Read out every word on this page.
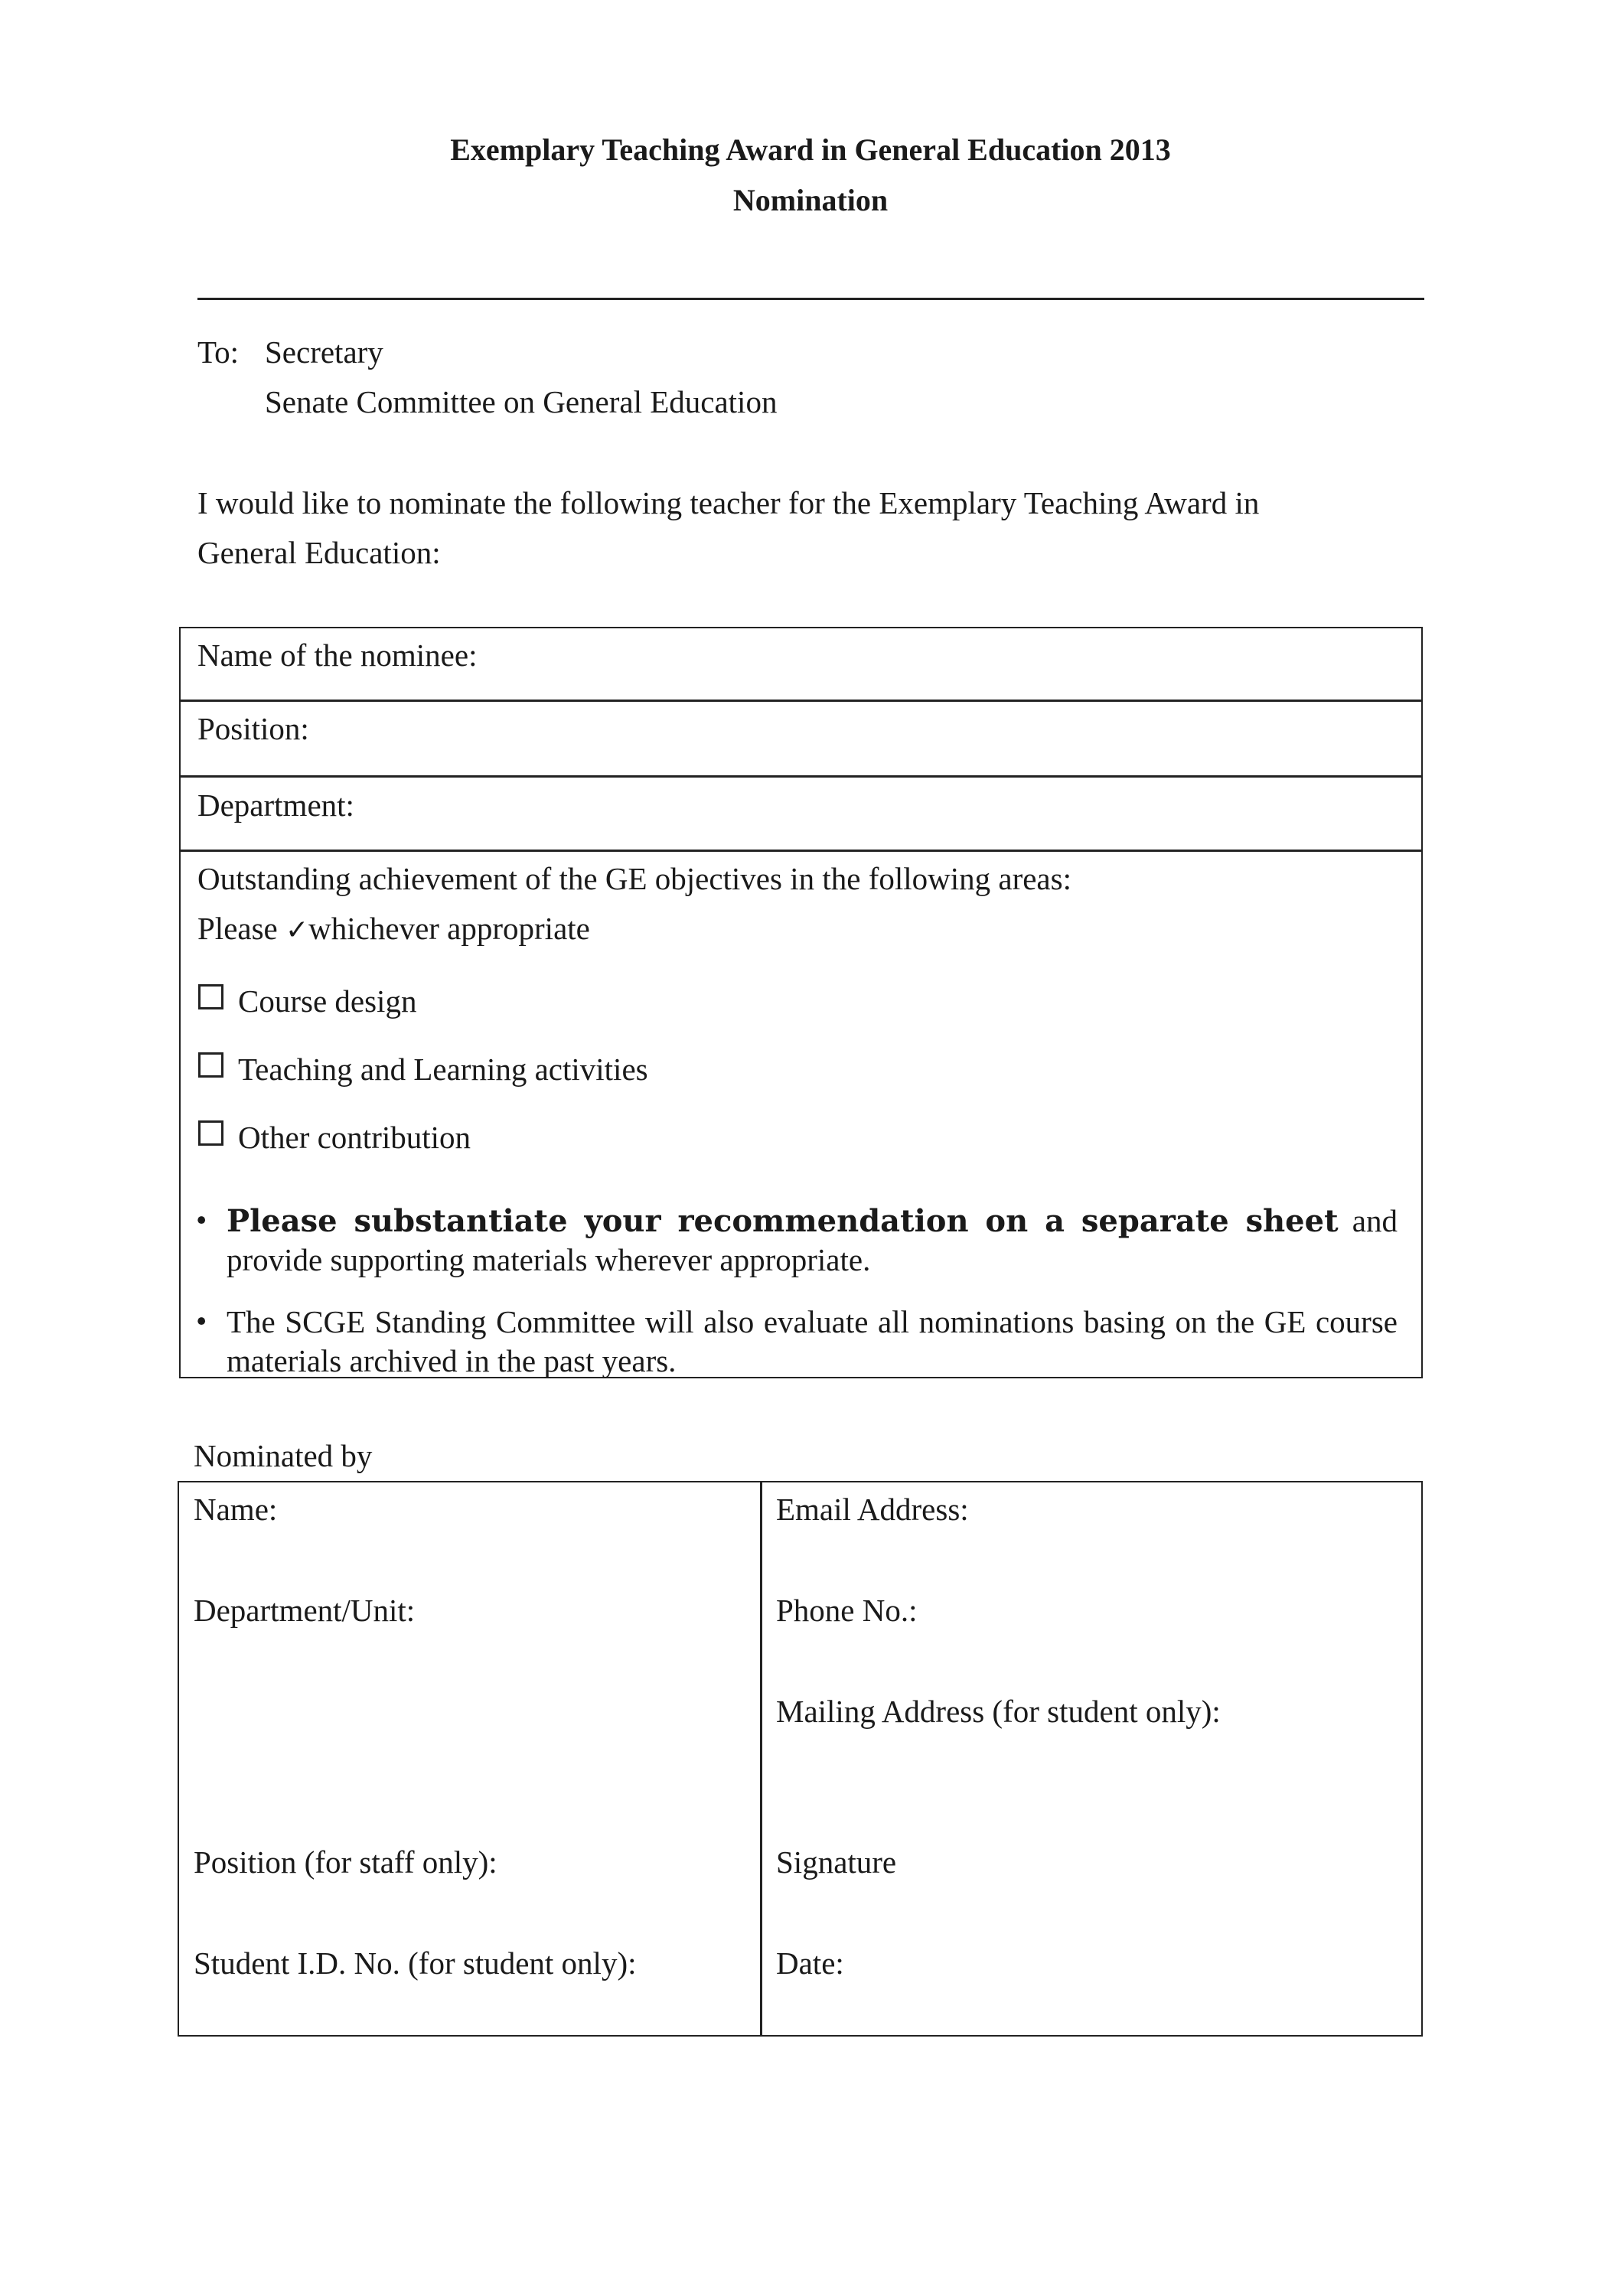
Exemplary Teaching Award in General Education 2013
Nomination
To: Secretary
Senate Committee on General Education
I would like to nominate the following teacher for the Exemplary Teaching Award in
General Education:
Name of the nominee:
Position:
Department:
Outstanding achievement of the GE objectives in the following areas:
Please ✓whichever appropriate
Course design
Teaching and Learning activities
Other contribution
• Please substantiate your recommendation on a separate sheet and provide supporting materials wherever appropriate.
• The SCGE Standing Committee will also evaluate all nominations basing on the GE course materials archived in the past years.
Nominated by
Name:
Department/Unit:
Position (for staff only):
Student I.D. No. (for student only):
Email Address:
Phone No.:
Mailing Address (for student only):
Signature
Date:
